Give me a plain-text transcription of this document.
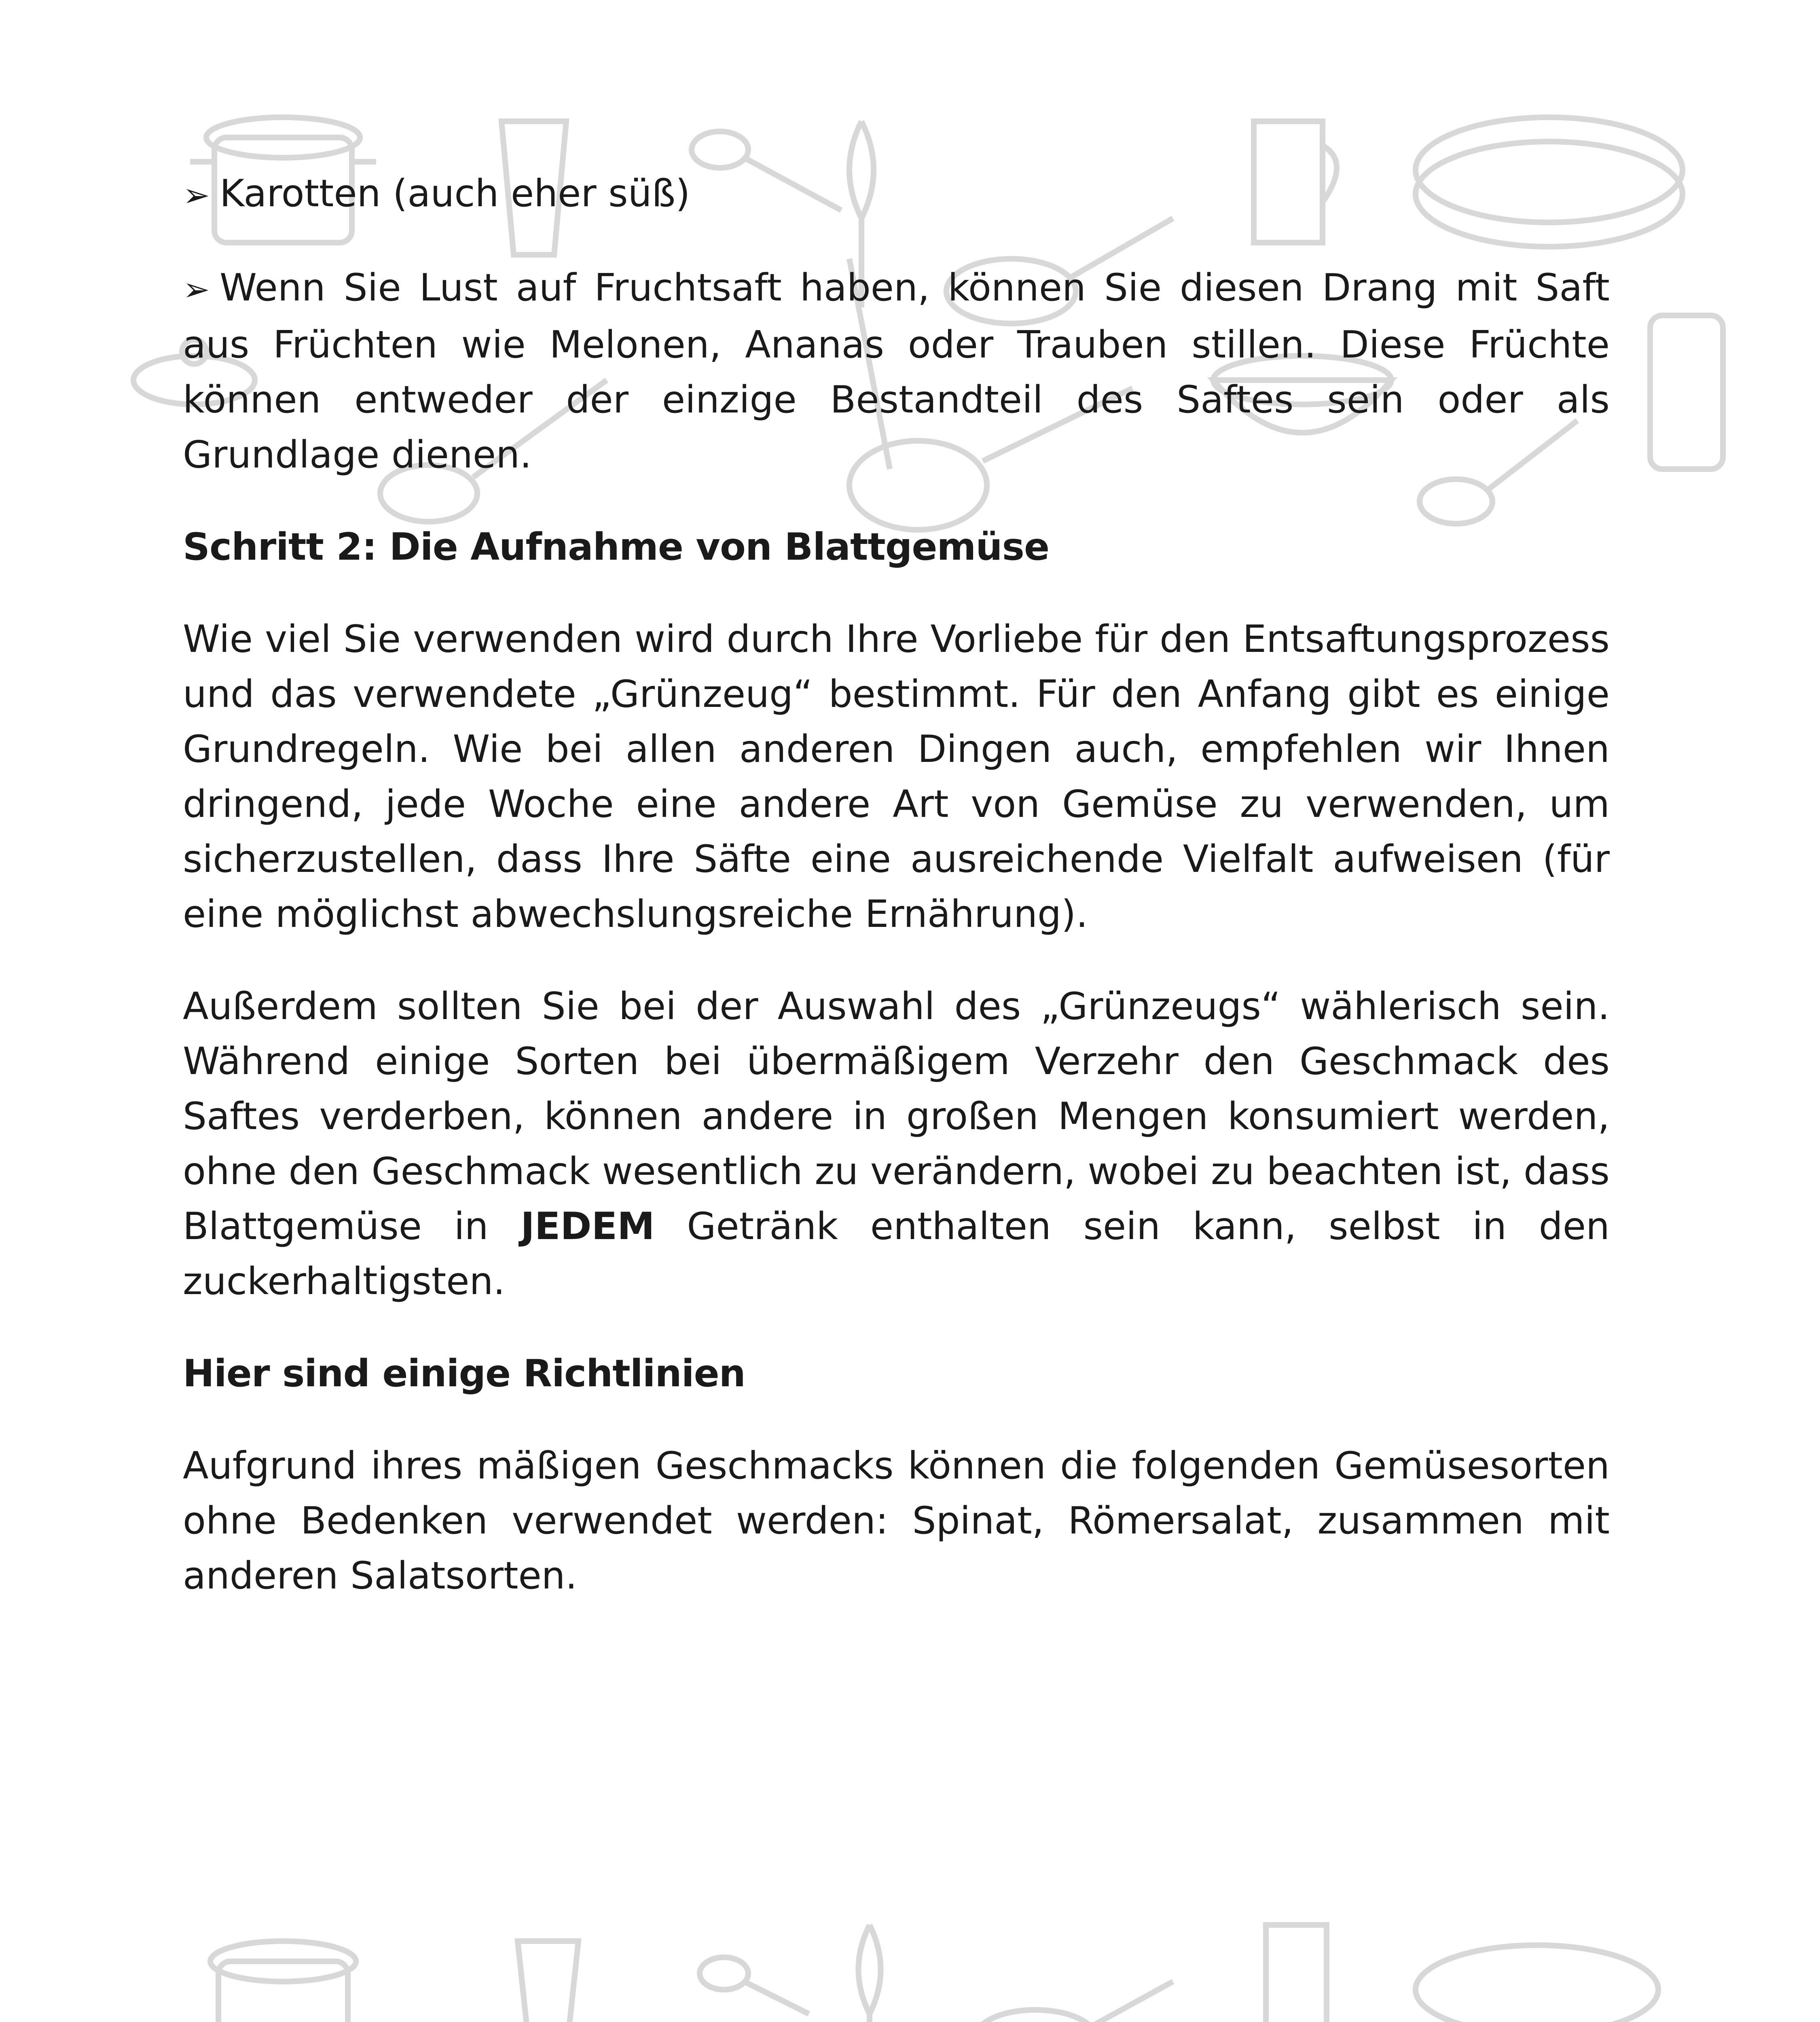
➢ Karotten (auch eher süß)
➢ Wenn Sie Lust auf Fruchtsaft haben, können Sie diesen Drang mit Saft aus Früchten wie Melonen, Ananas oder Trauben stillen. Diese Früchte können entweder der einzige Bestandteil des Saftes sein oder als Grundlage dienen.
Schritt 2: Die Aufnahme von Blattgemüse

Wie viel Sie verwenden wird durch Ihre Vorliebe für den Entsaftungsprozess und das verwendete „Grünzeug“ bestimmt. Für den Anfang gibt es einige Grundregeln. Wie bei allen anderen Dingen auch, empfehlen wir Ihnen dringend, jede Woche eine andere Art von Gemüse zu verwenden, um sicherzustellen, dass Ihre Säfte eine ausreichende Vielfalt aufweisen (für eine möglichst abwechslungsreiche Ernährung).

Außerdem sollten Sie bei der Auswahl des „Grünzeugs“ wählerisch sein. Während einige Sorten bei übermäßigem Verzehr den Geschmack des Saftes verderben, können andere in großen Mengen konsumiert werden, ohne den Geschmack wesentlich zu verändern, wobei zu beachten ist, dass Blattgemüse in JEDEM Getränk enthalten sein kann, selbst in den zuckerhaltigsten.

Hier sind einige Richtlinien

Aufgrund ihres mäßigen Geschmacks können die folgenden Gemüsesorten ohne Bedenken verwendet werden: Spinat, Römersalat, zusammen mit anderen Salatsorten.
